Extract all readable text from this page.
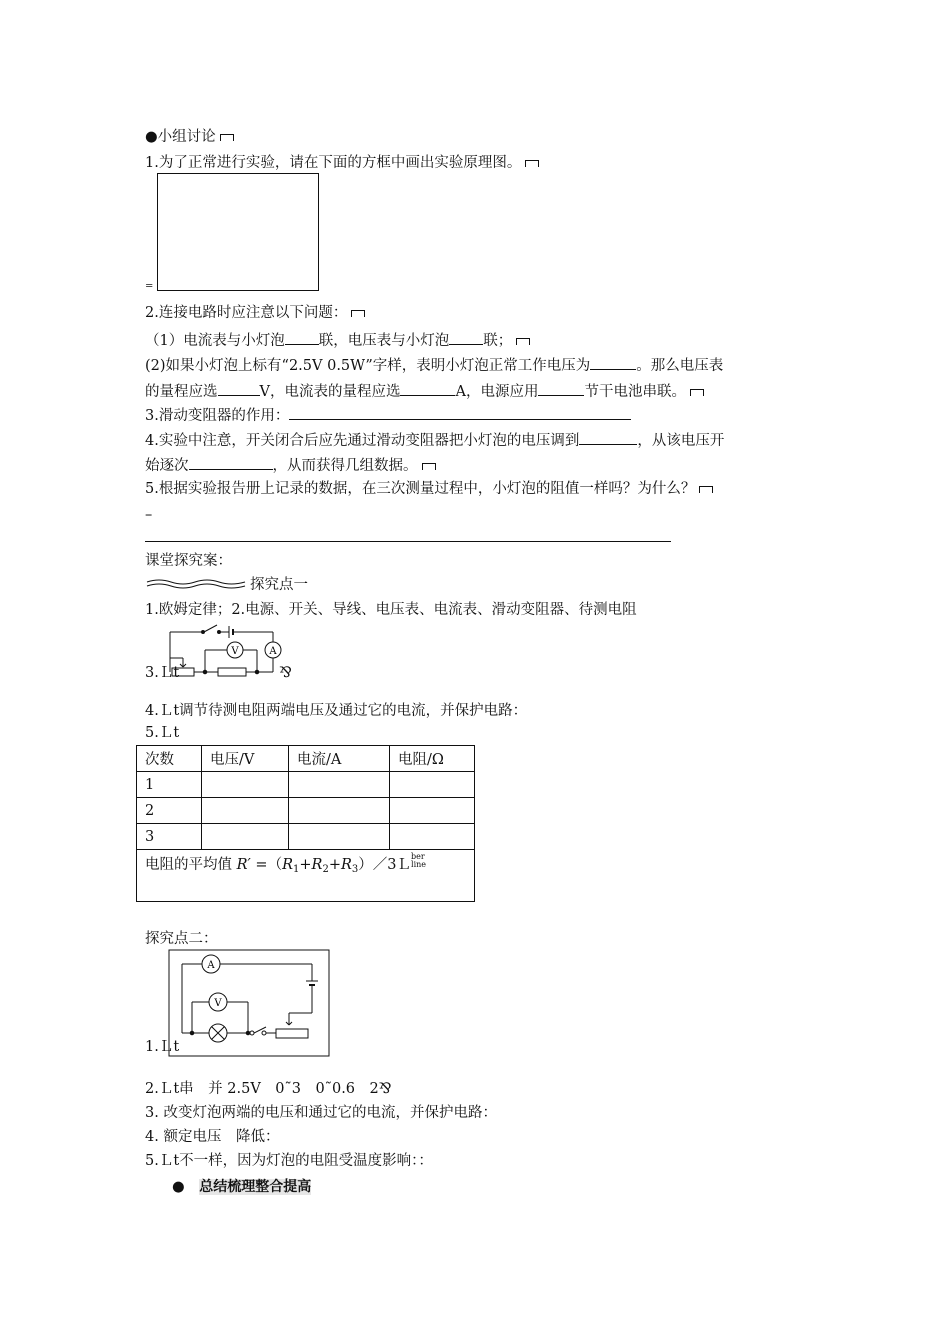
●小组讨论
1.为了正常进行实验，请在下面的方框中画出实验原理图。
=
2.连接电路时应注意以下问题：
（1）电流表与小灯泡 联，电压表与小灯泡 联；
(2)如果小灯泡上标有“2.5V 0.5W”字样，表明小灯泡正常工作电压为	。那么电压表
的量程应选	V，电流表的量程应选	A，电源应用	节干电池串联。
3.滑动变阻器的作用：
4.实验中注意，开关闭合后应先通过滑动变阻器把小灯泡的电压调到	，从该电压开
始逐次	，从而获得几组数据。
5.根据实验报告册上记录的数据，在三次测量过程中，小灯泡的阻值一样吗？为什么？
–
课堂探究案：
探究点一
1.欧姆定律；2.电源、开关、导线、电压表、电流表、滑动变阻器、待测电阻
V	A
3.Ｌt	⅋
4.Ｌt调节待测电阻两端电压及通过它的电流，并保护电路：
5.Ｌt
次数	电压/V	电流/A	电阻/Ω
1			
2			
3			
电阻的平均值 $R' =(R_1+R_2+R_3)/3Lber$
line			
探究点二：
A
V
1.Ｌt
2.Ｌt串　并 2.5V　0˜3　0˜0.6　2⅋
3. 改变灯泡两端的电压和通过它的电流，并保护电路：
4. 额定电压　降低：
5.Ｌt不一样，因为灯泡的电阻受温度影响：：
● 总结梳理整合提高
